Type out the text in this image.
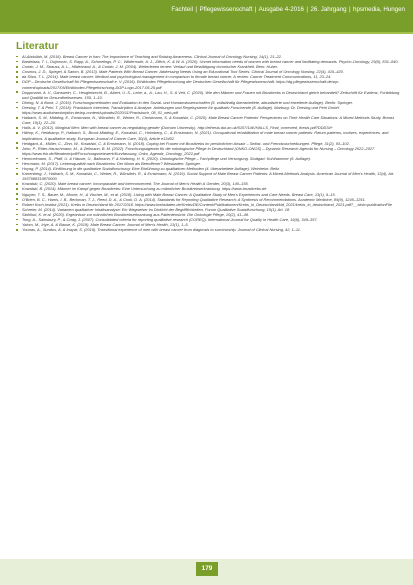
Fachteil | Pflegewissenschaft | Ausgabe 4-2016 | 26. Jahrgang | hpsmedia, Hungen
Literatur
Al-Abdullah, M. (2016). Breast Cancer in Iran: The Importance of Teaching and Raising Awareness. Clinical Journal of Oncology Nursing, 14(1), 21–22.
Bardelaas, T. I., Dujimovic, S. Rapp, A., Schmelings, P. C., Wildermuth, A. J., Zillich, K. & W. A. (2020). Unmet information needs of women with breast cancer and facilitating demands. Psycho-Oncology, 29(5), 831–840.
Corbin, J. M., Strauss, A. L., Hildebrand, A., & Corbin, J. M. (2004). Weiterleben lernen: Verlauf und Bewältigung chronischer Krankheit. Bern: Huber.
Cosmos, J. D., Spiegel, & Samm, B. (2013). Male Patients With Breast Cancer: Addressing Needs Using an Educational Tool Series. Clinical Journal of Oncology Nursing, 22(4), 415–420.
da Silva, T. L. (2014). Male breast cancer: Medical and psychological management in comparison to female breast cancer. A review. Cancer Treatment Communications, 11, 23–24.
DGP – Deutsche Gesellschaft für Pflegewissenschaft e. V. (2016). Ethikkodex Pflegeforschung der Deutschen Gesellschaft für Pflegewissenschaft. https://dg-pflegewissenschaft.de/wp-content/uploads/2017/05/Ethikkodex-Pflegeforschung-DGP-Logo-2017-05-25.pdf
Doppmann, A. V., Ganswein, C., Heuglebrecht, B., Albert, U.-S., Lebe, a., A., Lau, H., S. & Veit, C. (2020). Wie den Männer und Frauen mit Brustkrebs in Deutschland gleich behandelt? Zeitschrift für Evidenz, Fortbildung und Qualität im Gesundheitswesen, 155, 1–10.
Döring, N. & Bortz, J. (2016). Forschungsmethoden und Evaluation in den Sozial- und Humanwissenschaften (5. vollständig überarbeitete, aktualisierte und erweiterte Auflage). Berlin: Springer.
Dresing, T. & Pehl, T. (2018). Praxisbuch Interview, Transkription & Analyse. Anleitungen und Regelsysteme für qualitativ Forschende (8. Auflage). Marburg: Dr. Dresing und Pehl GmbH. https://www.audiotranskription.de/wp-content/uploads/2020/11/Praxisbuch_08_01_web.pdf
Halbach, S. M., Midding, E., Ernstmann, N., Würstlein, R., Weber, R., Christmann, S. & Kowalski, C. (2020). Male Breast Cancer Patients' Perspectives on Their Health Care Situations: A Mixed-Methods Study. Breast Care, 15(1), 22–29.
Halls, A. V. (2012). Marginal Men: Men with breast cancer as negotiating gender (Durham University). http://ethesis.dur.ac.uk/5107/1/AVHALLS_Final_corrected_thesis.pdf?DDD34+
Hiltrop, K., Heidkamp, P., Halbach, S., Brock-Midding, E., Kowalski, C., Holmberg, C., & Ernstmann, N. (2021). Occupational rehabilitation of male breast cancer patients: Return patterns, motives, experiences, and implications. A qualitative study. European Journal of Cancer Care, 30(4), Article e13402.
Heidgard, A., Müller, C., Zinn, W., Kowalski, C. & Ernstmann, N. (2018). Coping bei Frauen mit Brustkrebs im persönlichen Ansatz – Selbst- und Fremdzuschreibungen. Pflege, 31(2), 93–102.
John, P., Ritter-Hauschmann, M., & Zellmann, B. M. (2022). Forschungsagenda für die onkologische Pflege in Deutschland (ONKO-ONOS) – Dynamic Research Agenda for Nursing – Oncology 2022–2027. https://www.fsh.de/fileadmin/pdf/Forschungsnetzwerk/Kurzfassung_Onko_Agenda_Oncology_2022.pdf
Hemmelmann, S., Pfaff, U. & Häuser, U., Ballmann, F. & Harbring, H. K. (2020). Onkologische Pflege – Fachpflege und Versorgung. Stuttgart: Kohlhammer (6. Auflage).
Herrmann, M. (2017). Lebensqualität nach Brustkrebs: Der Mann als Betroffener? Wiesbaden: Springer.
Hoyng, P. (2014). Einführung in die qualitative Sozialforschung: Eine Einführung zu qualitativen Methoden (4. überarbeitete Auflage). Weinheim: Beltz.
Karrenberg, J., Halbach, S. M., Kowalski, C., Weber, R., Würstlein, R., & Ernstmann, N. (2019). Social Support of Male Breast Cancer Patients: A Mixed-Methods Analysis. American Journal of Men's Health, 13(4), Art. 1557988319870000.
Kowalski, C. (2020). Male breast cancer: Incomparable and interconnected. The Journal of Men's Health & Gender, 20(3), 140–155.
Kowalski, B. (2014). Männer im Kampf gegen Brustkrebs: Eine Untersuchung zu männlicher Brustkrebserkrankung. https://www.brustkrebs.de
Nguyen, T. S., Bauer, M., Moore, H., & Vischer, M., et al. (2018). Living with Male Breast Cancer: A Qualitative Study of Men's Experiences and Care Needs. Breast Care, 13(1), 9–15.
O'Brien, B. C., Harris, I. B., Beckman, T. J., Reed, D. A., & Cook, D. A. (2014). Standards for Reporting Qualitative Research: A Synthesis of Recommendations. Academic Medicine, 89(9), 1245–1251.
Robert Koch-Institut (2021). Krebs in Deutschland für 2017/2018. https://www.krebsdaten.de/Krebs/DE/Content/Publikationen/Krebs_in_Deutschland/kid_2021/krebs_in_deutschland_2021.pdf?__blob=publicationFile
Schreier, M. (2014). Varianten qualitativer Inhaltsanalyse: Ein Wegweiser im Dickicht der Begrifflichkeiten. Forum Qualitative Sozialforschung, 15(1), Art. 18.
Stahlhut, K. et al. (2020). Ergebnisse zur männlichen Brustkrebserkrankung aus Patientensicht. Die Onkologie Pflege, 10(2), 41–48.
Tong, A., Sainsbury, P., & Craig, J. (2007). Consolidated criteria for reporting qualitative research (COREQ). International Journal for Quality in Health Care, 19(6), 349–357.
Yalom, M., Iriye, A. & Bause, K. (2019). Male Breast Cancer. Journal of Men's Health, 13(1), 1–5.
Younas, A., Sundus, A. & Inayat, S. (2019). Transitional experience of men with breast cancer from diagnosis to survivorship. Journal of Clinical Nursing, 42, 1–11.
179
